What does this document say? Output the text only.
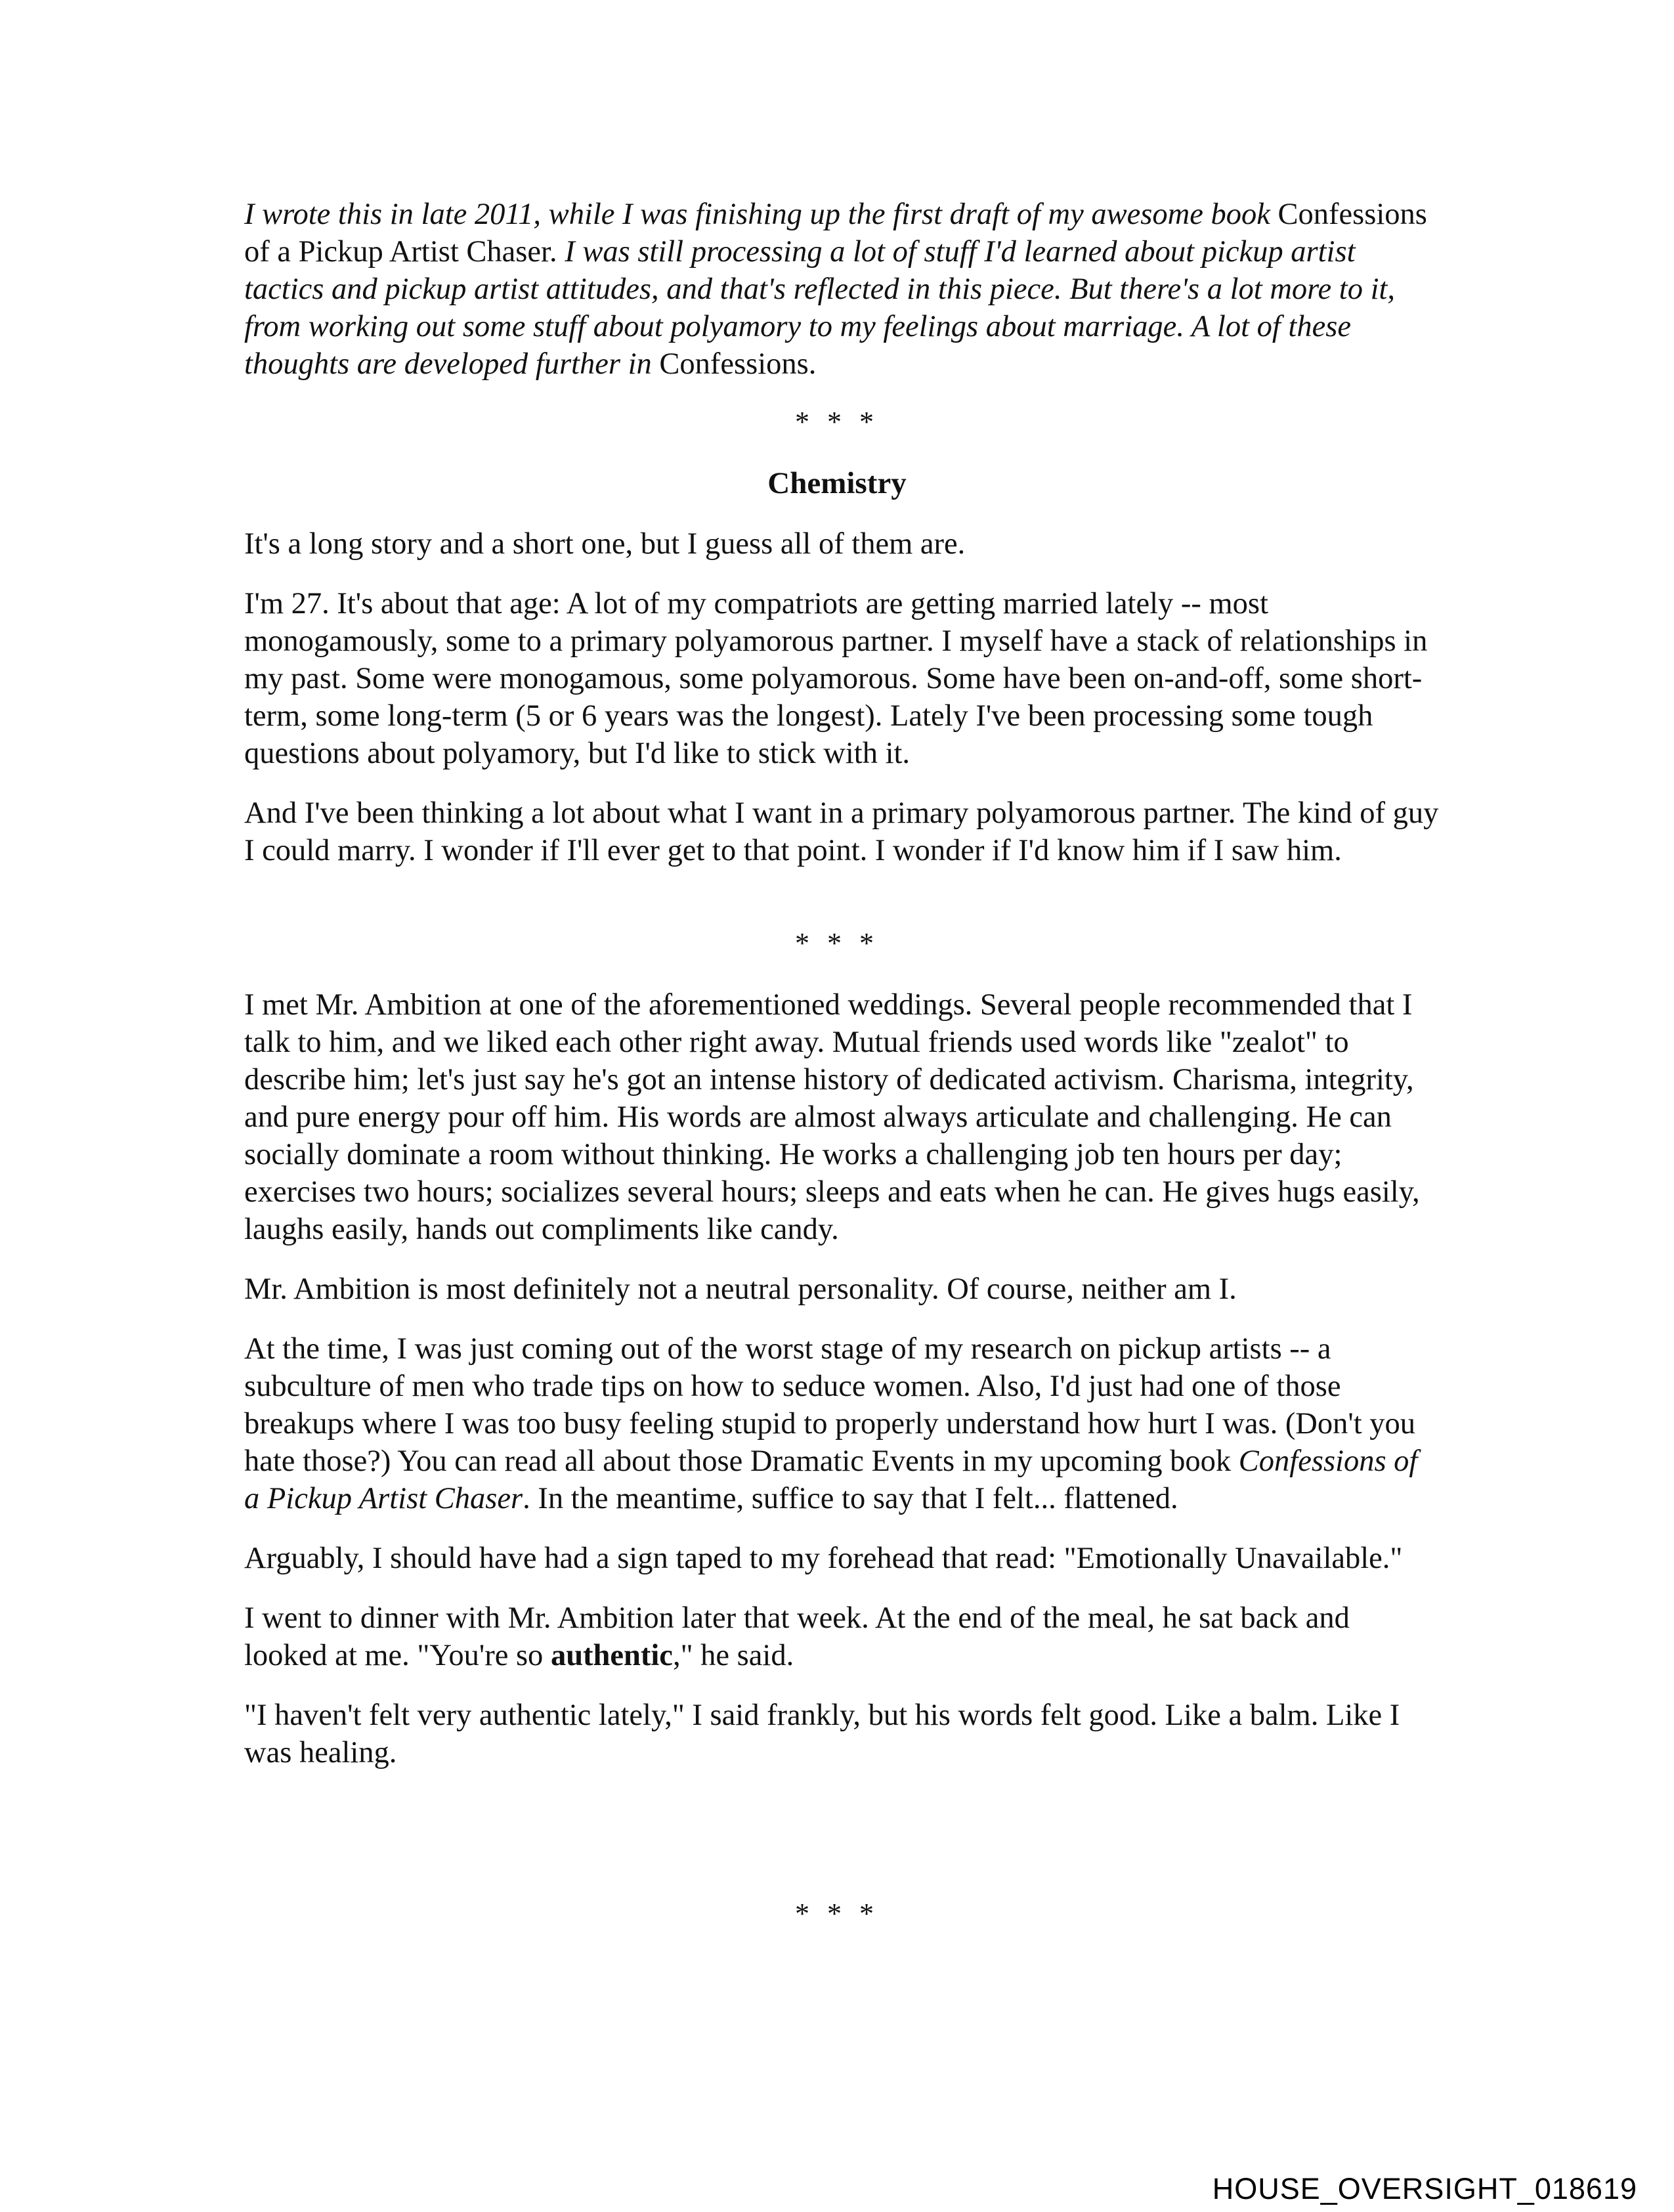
I wrote this in late 2011, while I was finishing up the first draft of my awesome book Confessions of a Pickup Artist Chaser. I was still processing a lot of stuff I'd learned about pickup artist tactics and pickup artist attitudes, and that's reflected in this piece. But there's a lot more to it, from working out some stuff about polyamory to my feelings about marriage. A lot of these thoughts are developed further in Confessions.

* * *
Chemistry

It's a long story and a short one, but I guess all of them are.

I'm 27. It's about that age: A lot of my compatriots are getting married lately -- most monogamously, some to a primary polyamorous partner. I myself have a stack of relationships in my past. Some were monogamous, some polyamorous. Some have been on-and-off, some short-term, some long-term (5 or 6 years was the longest). Lately I've been processing some tough questions about polyamory, but I'd like to stick with it.

And I've been thinking a lot about what I want in a primary polyamorous partner. The kind of guy I could marry. I wonder if I'll ever get to that point. I wonder if I'd know him if I saw him.

* * *

I met Mr. Ambition at one of the aforementioned weddings. Several people recommended that I talk to him, and we liked each other right away. Mutual friends used words like "zealot" to describe him; let's just say he's got an intense history of dedicated activism. Charisma, integrity, and pure energy pour off him. His words are almost always articulate and challenging. He can socially dominate a room without thinking. He works a challenging job ten hours per day; exercises two hours; socializes several hours; sleeps and eats when he can. He gives hugs easily, laughs easily, hands out compliments like candy.

Mr. Ambition is most definitely not a neutral personality. Of course, neither am I.

At the time, I was just coming out of the worst stage of my research on pickup artists -- a subculture of men who trade tips on how to seduce women. Also, I'd just had one of those breakups where I was too busy feeling stupid to properly understand how hurt I was. (Don't you hate those?) You can read all about those Dramatic Events in my upcoming book Confessions of a Pickup Artist Chaser. In the meantime, suffice to say that I felt... flattened.

Arguably, I should have had a sign taped to my forehead that read: "Emotionally Unavailable."

I went to dinner with Mr. Ambition later that week. At the end of the meal, he sat back and looked at me. "You're so authentic," he said.

"I haven't felt very authentic lately," I said frankly, but his words felt good. Like a balm. Like I was healing.

* * *
HOUSE_OVERSIGHT_018619
